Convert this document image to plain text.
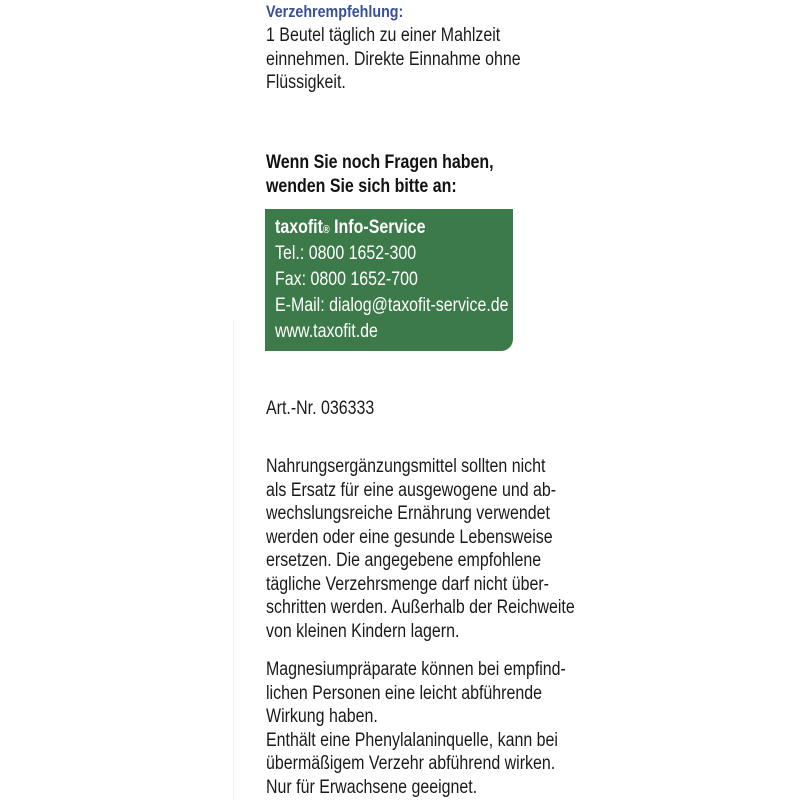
Verzehrempfehlung:
1 Beutel täglich zu einer Mahlzeit
einnehmen. Direkte Einnahme ohne
Flüssigkeit.
Wenn Sie noch Fragen haben,
wenden Sie sich bitte an:
taxofit® Info-Service
Tel.: 0800 1652-300
Fax: 0800 1652-700
E-Mail: dialog@taxofit-service.de
www.taxofit.de
Art.-Nr. 036333
Nahrungsergänzungsmittel sollten nicht
als Ersatz für eine ausgewogene und ab-
wechslungsreiche Ernährung verwendet
werden oder eine gesunde Lebensweise
ersetzen. Die angegebene empfohlene
tägliche Verzehrsmenge darf nicht über-
schritten werden. Außerhalb der Reichweite
von kleinen Kindern lagern.
Magnesiumpräparate können bei empfind-
lichen Personen eine leicht abführende
Wirkung haben.
Enthält eine Phenylalaninquelle, kann bei
übermäßigem Verzehr abführend wirken.
Nur für Erwachsene geeignet.
